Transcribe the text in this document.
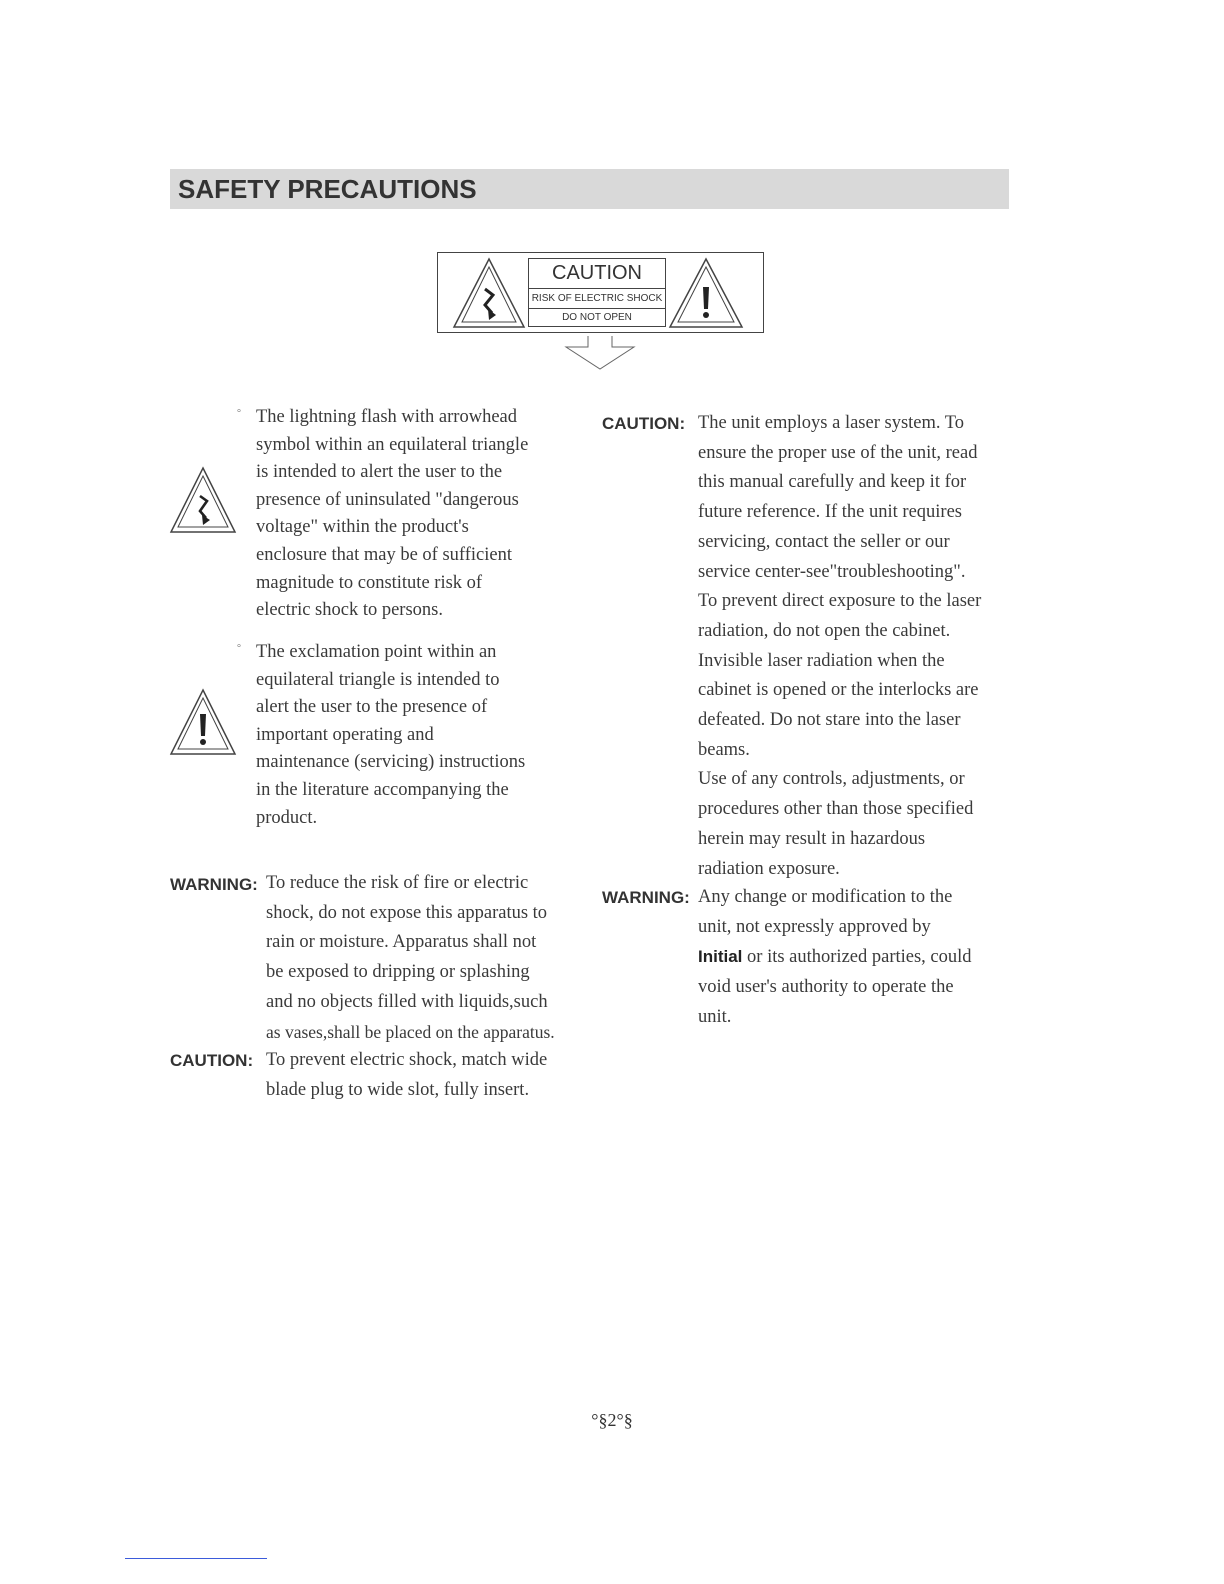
SAFETY PRECAUTIONS
CAUTION
RISK OF ELECTRIC SHOCK
DO NOT OPEN
° The lightning flash with arrowhead
symbol within an equilateral triangle
is intended to alert the user to the
presence of uninsulated "dangerous
voltage" within the product's
enclosure that may be of sufficient
magnitude to constitute risk of
electric shock to persons.
° The exclamation point within an
equilateral triangle is intended to
alert the user to the presence of
important operating and
maintenance (servicing) instructions
in the literature accompanying the
product.
WARNING: To reduce the risk of fire or electric
shock, do not expose this apparatus to
rain or moisture. Apparatus shall not
be exposed to dripping or splashing
and no objects filled with liquids,such
as vases,shall be placed on the apparatus.
CAUTION: To prevent electric shock, match wide
blade plug to wide slot, fully insert.
CAUTION: The unit employs a laser system. To
ensure the proper use of the unit, read
this manual carefully and keep it for
future reference. If the unit requires
servicing, contact the seller or our
service center-see"troubleshooting".
To prevent direct exposure to the laser
radiation, do not open the cabinet.
Invisible laser radiation when the
cabinet is opened or the interlocks are
defeated. Do not stare into the laser
beams.
Use of any controls, adjustments, or
procedures other than those specified
herein may result in hazardous
radiation exposure.
WARNING: Any change or modification to the
unit, not expressly approved by
Initial or its authorized parties, could
void user's authority to operate the
unit.
°§2°§
